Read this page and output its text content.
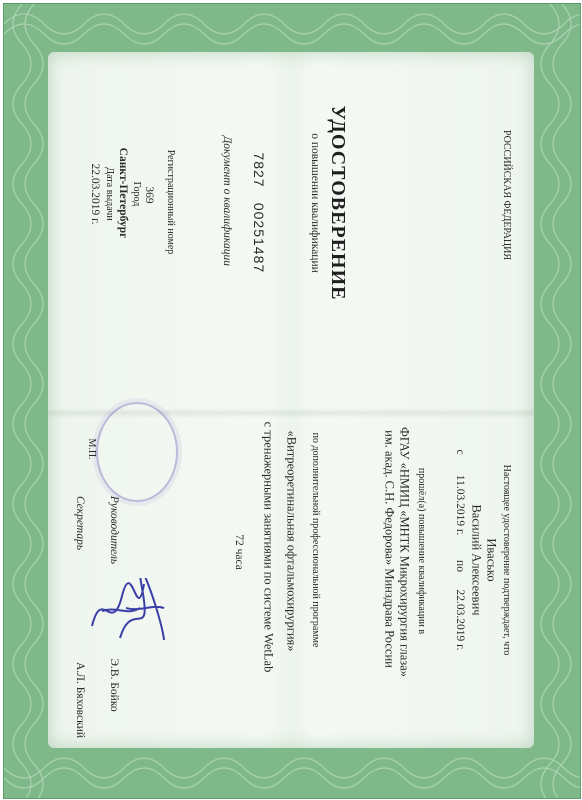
РОССИЙСКАЯ ФЕДЕРАЦИЯ
УДОСТОВЕРЕНИЕ
о повышении квалификации
7827
00251487
Документ о квалификации
Регистрационный номер
369
Город
Санкт-Петербург
Дата выдачи
22.03.2019 г.
Настоящее удостоверение подтверждает, что
Ивасько
Василий Алексеевич
с
11.03.2019 г.
по
22.03.2019 г.
прошёл(а) повышение квалификации в
ФГАУ «НМИЦ «МНТК Микрохирургия глаза»
им. акад. С.Н. Федорова» Минздрава России
по дополнительной профессиональной программе
«Витреоретинальная офтальмохирургия»
с тренажерными занятиями по системе WetLab
72 часа
М.П.
Руководитель
Э.В. Бойко
Секретарь
А.Л. Бяховский
